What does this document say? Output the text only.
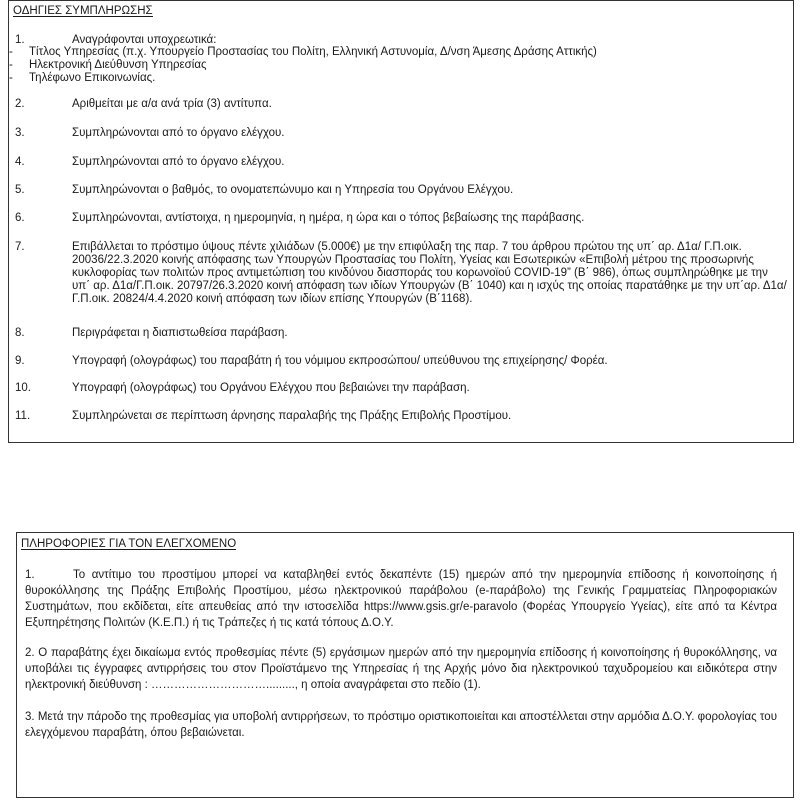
ΟΔΗΓΙΕΣ ΣΥΜΠΛΗΡΩΣΗΣ
1.	Αναγράφονται υποχρεωτικά:
- Τίτλος Υπηρεσίας (π.χ. Υπουργείο Προστασίας του Πολίτη, Ελληνική Αστυνομία, Δ/νση Άμεσης Δράσης Αττικής)
- Ηλεκτρονική Διεύθυνση Υπηρεσίας
- Τηλέφωνο Επικοινωνίας.
2.	Αριθμείται με α/α ανά τρία (3) αντίτυπα.
3.	Συμπληρώνονται από το όργανο ελέγχου.
4.	Συμπληρώνονται από το όργανο ελέγχου.
5.	Συμπληρώνονται ο βαθμός, το ονοματεπώνυμο και η Υπηρεσία του Οργάνου Ελέγχου.
6.	Συμπληρώνονται, αντίστοιχα, η ημερομηνία, η ημέρα, η ώρα και ο τόπος βεβαίωσης της παράβασης.
7.	Επιβάλλεται το πρόστιμο ύψους πέντε χιλιάδων (5.000€) με την επιφύλαξη της παρ. 7 του άρθρου πρώτου της υπ΄ αρ. Δ1α/ Γ.Π.οικ. 20036/22.3.2020 κοινής απόφασης των Υπουργών Προστασίας του Πολίτη, Υγείας και Εσωτερικών «Επιβολή μέτρου της προσωρινής κυκλοφορίας των πολιτών προς αντιμετώπιση του κινδύνου διασποράς του κορωνοϊού COVID-19” (Β΄ 986), όπως συμπληρώθηκε με την υπ΄ αρ. Δ1α/Γ.Π.οικ. 20797/26.3.2020 κοινή απόφαση των ιδίων Υπουργών (Β΄ 1040) και η ισχύς της οποίας παρατάθηκε με την υπ΄αρ. Δ1α/Γ.Π.οικ. 20824/4.4.2020 κοινή απόφαση των ιδίων επίσης Υπουργών (Β΄1168).
8.	Περιγράφεται η διαπιστωθείσα παράβαση.
9.	Υπογραφή (ολογράφως) του παραβάτη ή του νόμιμου εκπροσώπου/ υπεύθυνου της επιχείρησης/ Φορέα.
10.	Υπογραφή (ολογράφως) του Οργάνου Ελέγχου που βεβαιώνει την παράβαση.
11.	Συμπληρώνεται σε περίπτωση άρνησης παραλαβής της Πράξης Επιβολής Προστίμου.
ΠΛΗΡΟΦΟΡΙΕΣ ΓΙΑ ΤΟΝ ΕΛΕΓΧΟΜΕΝΟ
1.	Το αντίτιμο του προστίμου μπορεί να καταβληθεί εντός δεκαπέντε (15) ημερών από την ημερομηνία επίδοσης ή κοινοποίησης ή θυροκόλλησης της Πράξης Επιβολής Προστίμου, μέσω ηλεκτρονικού παράβολου (e-παράβολο) της Γενικής Γραμματείας Πληροφοριακών Συστημάτων, που εκδίδεται, είτε απευθείας από την ιστοσελίδα https://www.gsis.gr/e-paravolo (Φορέας Υπουργείο Υγείας), είτε από τα Κέντρα Εξυπηρέτησης Πολιτών (Κ.Ε.Π.) ή τις Τράπεζες ή τις κατά τόπους Δ.Ο.Υ.
2. Ο παραβάτης έχει δικαίωμα εντός προθεσμίας πέντε (5) εργάσιμων ημερών από την ημερομηνία επίδοσης ή κοινοποίησης ή θυροκόλλησης, να υποβάλει τις έγγραφες αντιρρήσεις του στον Προϊστάμενο της Υπηρεσίας ή της Αρχής μόνο δια ηλεκτρονικού ταχυδρομείου και ειδικότερα στην ηλεκτρονική διεύθυνση : …………………………........., η οποία αναγράφεται στο πεδίο (1).
3. Μετά την πάροδο της προθεσμίας για υποβολή αντιρρήσεων, το πρόστιμο οριστικοποιείται και αποστέλλεται στην αρμόδια Δ.Ο.Υ. φορολογίας του ελεγχόμενου παραβάτη, όπου βεβαιώνεται.
